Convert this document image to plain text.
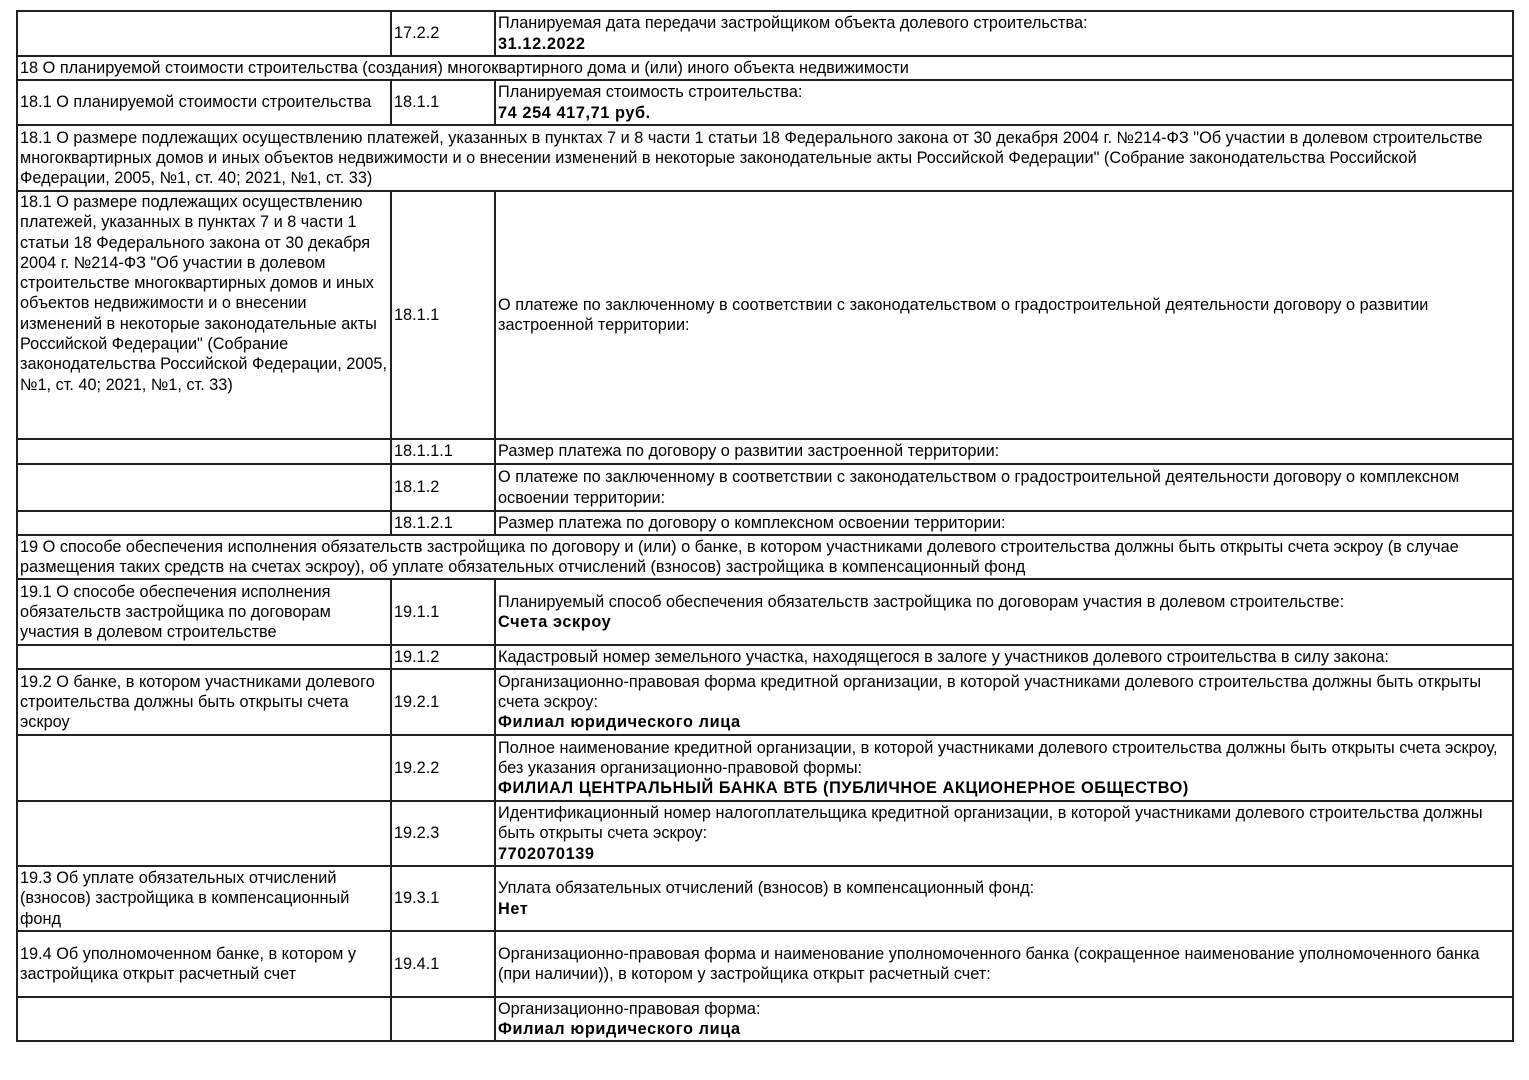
	17.2.2	Планируемая дата передачи застройщиком объекта долевого строительства:
31.12.2022

18 О планируемой стоимости строительства (создания) многоквартирного дома и (или) иного объекта недвижимости		
18.1 О планируемой стоимости строительства	18.1.1	Планируемая стоимость строительства:
74 254 417,71 руб.

18.1 О размере подлежащих осуществлению платежей, указанных в пунктах 7 и 8 части 1 статьи 18 Федерального закона от 30 декабря 2004 г. №214-ФЗ "Об участии в долевом строительстве многоквартирных домов и иных объектов недвижимости и о внесении изменений в некоторые законодательные акты Российской Федерации" (Собрание законодательства Российской Федерации, 2005, №1, ст. 40; 2021, №1, ст. 33)		
18.1 О размере подлежащих осуществлению платежей, указанных в пунктах 7 и 8 части 1 статьи 18 Федерального закона от 30 декабря 2004 г. №214-ФЗ "Об участии в долевом строительстве многоквартирных домов и иных объектов недвижимости и о внесении изменений в некоторые законодательные акты Российской Федерации" (Собрание законодательства Российской Федерации, 2005, №1, ст. 40; 2021, №1, ст. 33)	18.1.1	О платеже по заключенному в соответствии с законодательством о градостроительной деятельности договору о развитии застроенной территории:

	18.1.1.1	Размер платежа по договору о развитии застроенной территории:

	18.1.2	О платеже по заключенному в соответствии с законодательством о градостроительной деятельности договору о комплексном освоении территории:

	18.1.2.1	Размер платежа по договору о комплексном освоении территории:

19 О способе обеспечения исполнения обязательств застройщика по договору и (или) о банке, в котором участниками долевого строительства должны быть открыты счета эскроу (в случае размещения таких средств на счетах эскроу), об уплате обязательных отчислений (взносов) застройщика в компенсационный фонд		
19.1 О способе обеспечения исполнения обязательств застройщика по договорам участия в долевом строительстве	19.1.1	Планируемый способ обеспечения обязательств застройщика по договорам участия в долевом строительстве:
Счета эскроу

	19.1.2	Кадастровый номер земельного участка, находящегося в залоге у участников долевого строительства в силу закона:

19.2 О банке, в котором участниками долевого строительства должны быть открыты счета эскроу	19.2.1	Организационно-правовая форма кредитной организации, в которой участниками долевого строительства должны быть открыты счета эскроу:
Филиал юридического лица

	19.2.2	Полное наименование кредитной организации, в которой участниками долевого строительства должны быть открыты счета эскроу, без указания организационно-правовой формы:
ФИЛИАЛ ЦЕНТРАЛЬНЫЙ БАНКА ВТБ (ПУБЛИЧНОЕ АКЦИОНЕРНОЕ ОБЩЕСТВО)

	19.2.3	Идентификационный номер налогоплательщика кредитной организации, в которой участниками долевого строительства должны быть открыты счета эскроу:
7702070139

19.3 Об уплате обязательных отчислений (взносов) застройщика в компенсационный фонд	19.3.1	Уплата обязательных отчислений (взносов) в компенсационный фонд:
Нет

19.4 Об уполномоченном банке, в котором у застройщика открыт расчетный счет	19.4.1	Организационно-правовая форма и наименование уполномоченного банка (сокращенное наименование уполномоченного банка (при наличии)), в котором у застройщика открыт расчетный счет:

		Организационно-правовая форма:
Филиал юридического лица
